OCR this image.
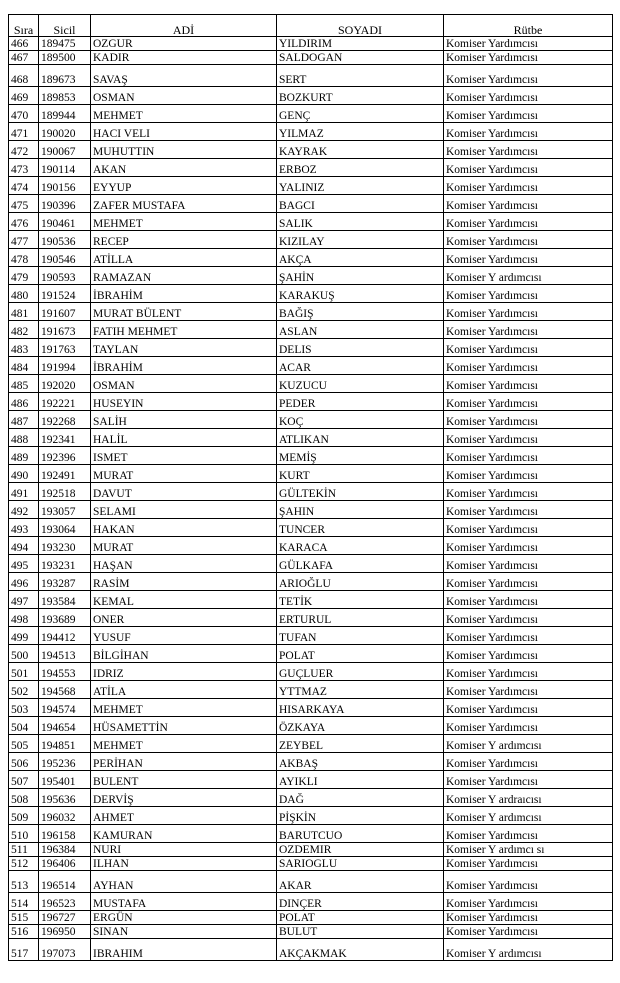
Sıra	Sicil	ADİ	SOYADI	Rütbe

466	189475	OZGUR	YILDIRIM	Komiser Yardımcısı

467	189500	KADIR	SALDOGAN	Komiser Yardımcısı

468	189673	SAVAŞ	SERT	Komiser Yardımcısı

469	189853	OSMAN	BOZKURT	Komiser Yardımcısı

470	189944	MEHMET	GENÇ	Komiser Yardımcısı

471	190020	HACI VELI	YILMAZ	Komiser Yardımcısı

472	190067	MUHUTTIN	KAYRAK	Komiser Yardımcısı

473	190114	AKAN	ERBOZ	Komiser Yardımcısı

474	190156	EYYUP	YALINIZ	Komiser Yardımcısı

475	190396	ZAFER MUSTAFA	BAGCI	Komiser Yardımcısı

476	190461	MEHMET	SALIK	Komiser Yardımcısı

477	190536	RECEP	KIZILAY	Komiser Yardımcısı

478	190546	ATİLLA	AKÇA	Komiser Yardımcısı

479	190593	RAMAZAN	ŞAHİN	Komiser Y ardımcısı

480	191524	İBRAHİM	KARAKUŞ	Komiser Yardımcısı

481	191607	MURAT BÜLENT	BAĞIŞ	Komiser Yardımcısı

482	191673	FATIH MEHMET	ASLAN	Komiser Yardımcısı

483	191763	TAYLAN	DELIS	Komiser Yardımcısı

484	191994	İBRAHİM	ACAR	Komiser Yardımcısı

485	192020	OSMAN	KUZUCU	Komiser Yardımcısı

486	192221	HUSEYIN	PEDER	Komiser Yardımcısı

487	192268	SALİH	KOÇ	Komiser Yardımcısı

488	192341	HALİL	ATLIKAN	Komiser Yardımcısı

489	192396	ISMET	MEMİŞ	Komiser Yardımcısı

490	192491	MURAT	KURT	Komiser Yardımcısı

491	192518	DAVUT	GÜLTEKİN	Komiser Yardımcısı

492	193057	SELAMI	ŞAHIN	Komiser Yardımcısı

493	193064	HAKAN	TUNCER	Komiser Yardımcısı

494	193230	MURAT	KARACA	Komiser Yardımcısı

495	193231	HAŞAN	GÜLKAFA	Komiser Yardımcısı

496	193287	RASİM	ARIOĞLU	Komiser Yardımcısı

497	193584	KEMAL	TETİK	Komiser Yardımcısı

498	193689	ONER	ERTURUL	Komiser Yardımcısı

499	194412	YUSUF	TUFAN	Komiser Yardımcısı

500	194513	BİLGİHAN	POLAT	Komiser Yardımcısı

501	194553	IDRIZ	GUÇLUER	Komiser Yardımcısı

502	194568	ATİLA	YTTMAZ	Komiser Yardımcısı

503	194574	MEHMET	HISARKAYA	Komiser Yardımcısı

504	194654	HÜSAMETTİN	ÖZKAYA	Komiser Yardımcısı

505	194851	MEHMET	ZEYBEL	Komiser Y ardımcısı

506	195236	PERİHAN	AKBAŞ	Komiser Yardımcısı

507	195401	BULENT	AYIKLI	Komiser Yardımcısı

508	195636	DERVİŞ	DAĞ	Komiser Y ardraıcısı

509	196032	AHMET	PİŞKİN	Komiser Y ardımcısı

510	196158	KAMURAN	BARUTCUO	Komiser Yardımcısı

511	196384	NURI	OZDEMIR	Komiser Y ardımcı sı

512	196406	ILHAN	SARIOGLU	Komiser Yardımcısı

513	196514	AYHAN	AKAR	Komiser Yardımcısı

514	196523	MUSTAFA	DINÇER	Komiser Yardımcısı

515	196727	ERGÜN	POLAT	Komiser Yardımcısı

516	196950	SINAN	BULUT	Komiser Yardımcısı

517	197073	IBRAHIM	AKÇAKMAK	Komiser Y ardımcısı
